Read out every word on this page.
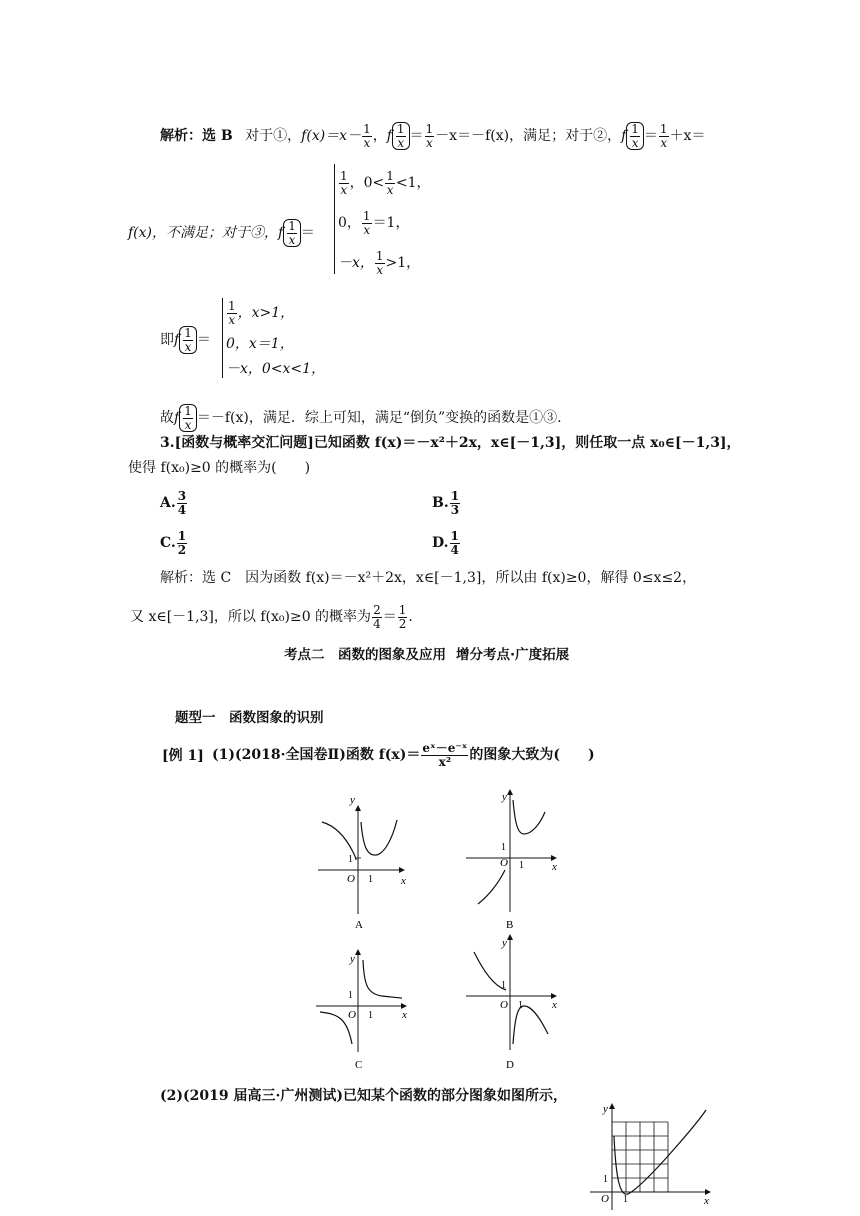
解析：选 B 对于①，$f(x)=x- \frac{1}{x}$ ，f $\frac{1}{x} = \frac{1}{x} -x=-f(x)$，满足；对于②，f $\frac{1}{x} = \frac{1}{x} +x=$
f(x)，不满足；对于③，f $\frac{1}{x}$ ＝
$\frac{1}{x}$ ，$0< \frac{1}{x} <1$，
0， $\frac{1}{x} =1$，
－x， $\frac{1}{x} >1$，
即f $\frac{1}{x}$ ＝
$\frac{1}{x}$ ，x>1，
0，x＝1，
－x，0<x<1，
故f $\frac{1}{x} =-f(x)$，满足．综上可知，满足“倒负”变换的函数是①③.
3.[函数与概率交汇问题]已知函数 f(x)＝－x²＋2x，x∈[－1,3]，则任取一点 x₀∈[－1,3]，
使得 f(x₀)≥0 的概率为(　　)
A. $\frac{3}{4}$	B. $\frac{1}{3}$
C. $\frac{1}{2}$	D. $\frac{1}{4}$
解析：选 C　因为函数 f(x)＝－x²＋2x，x∈[－1,3]，所以由 f(x)≥0，解得 0≤x≤2，
又 x∈[－1,3]，所以 f(x₀)≥0 的概率为 $\frac{2}{4} = \frac{1}{2}$ .
考点二　函数的图象及应用 增分考点·广度拓展
题型一　函数图象的识别
[例 1] (1)(2018·全国卷Ⅱ)函数 $f(x)= \frac{\text{eˣ－e⁻ˣ}}{\text{x²}}$ 的图象大致为(　　)
y
x
O
1
1
A
y
x
O
1
1
B
y
x
O
1
1
C
y
x
O
1
1
D
y
x
O
1
1
(2)(2019 届高三·广州测试)已知某个函数的部分图象如图所示，
